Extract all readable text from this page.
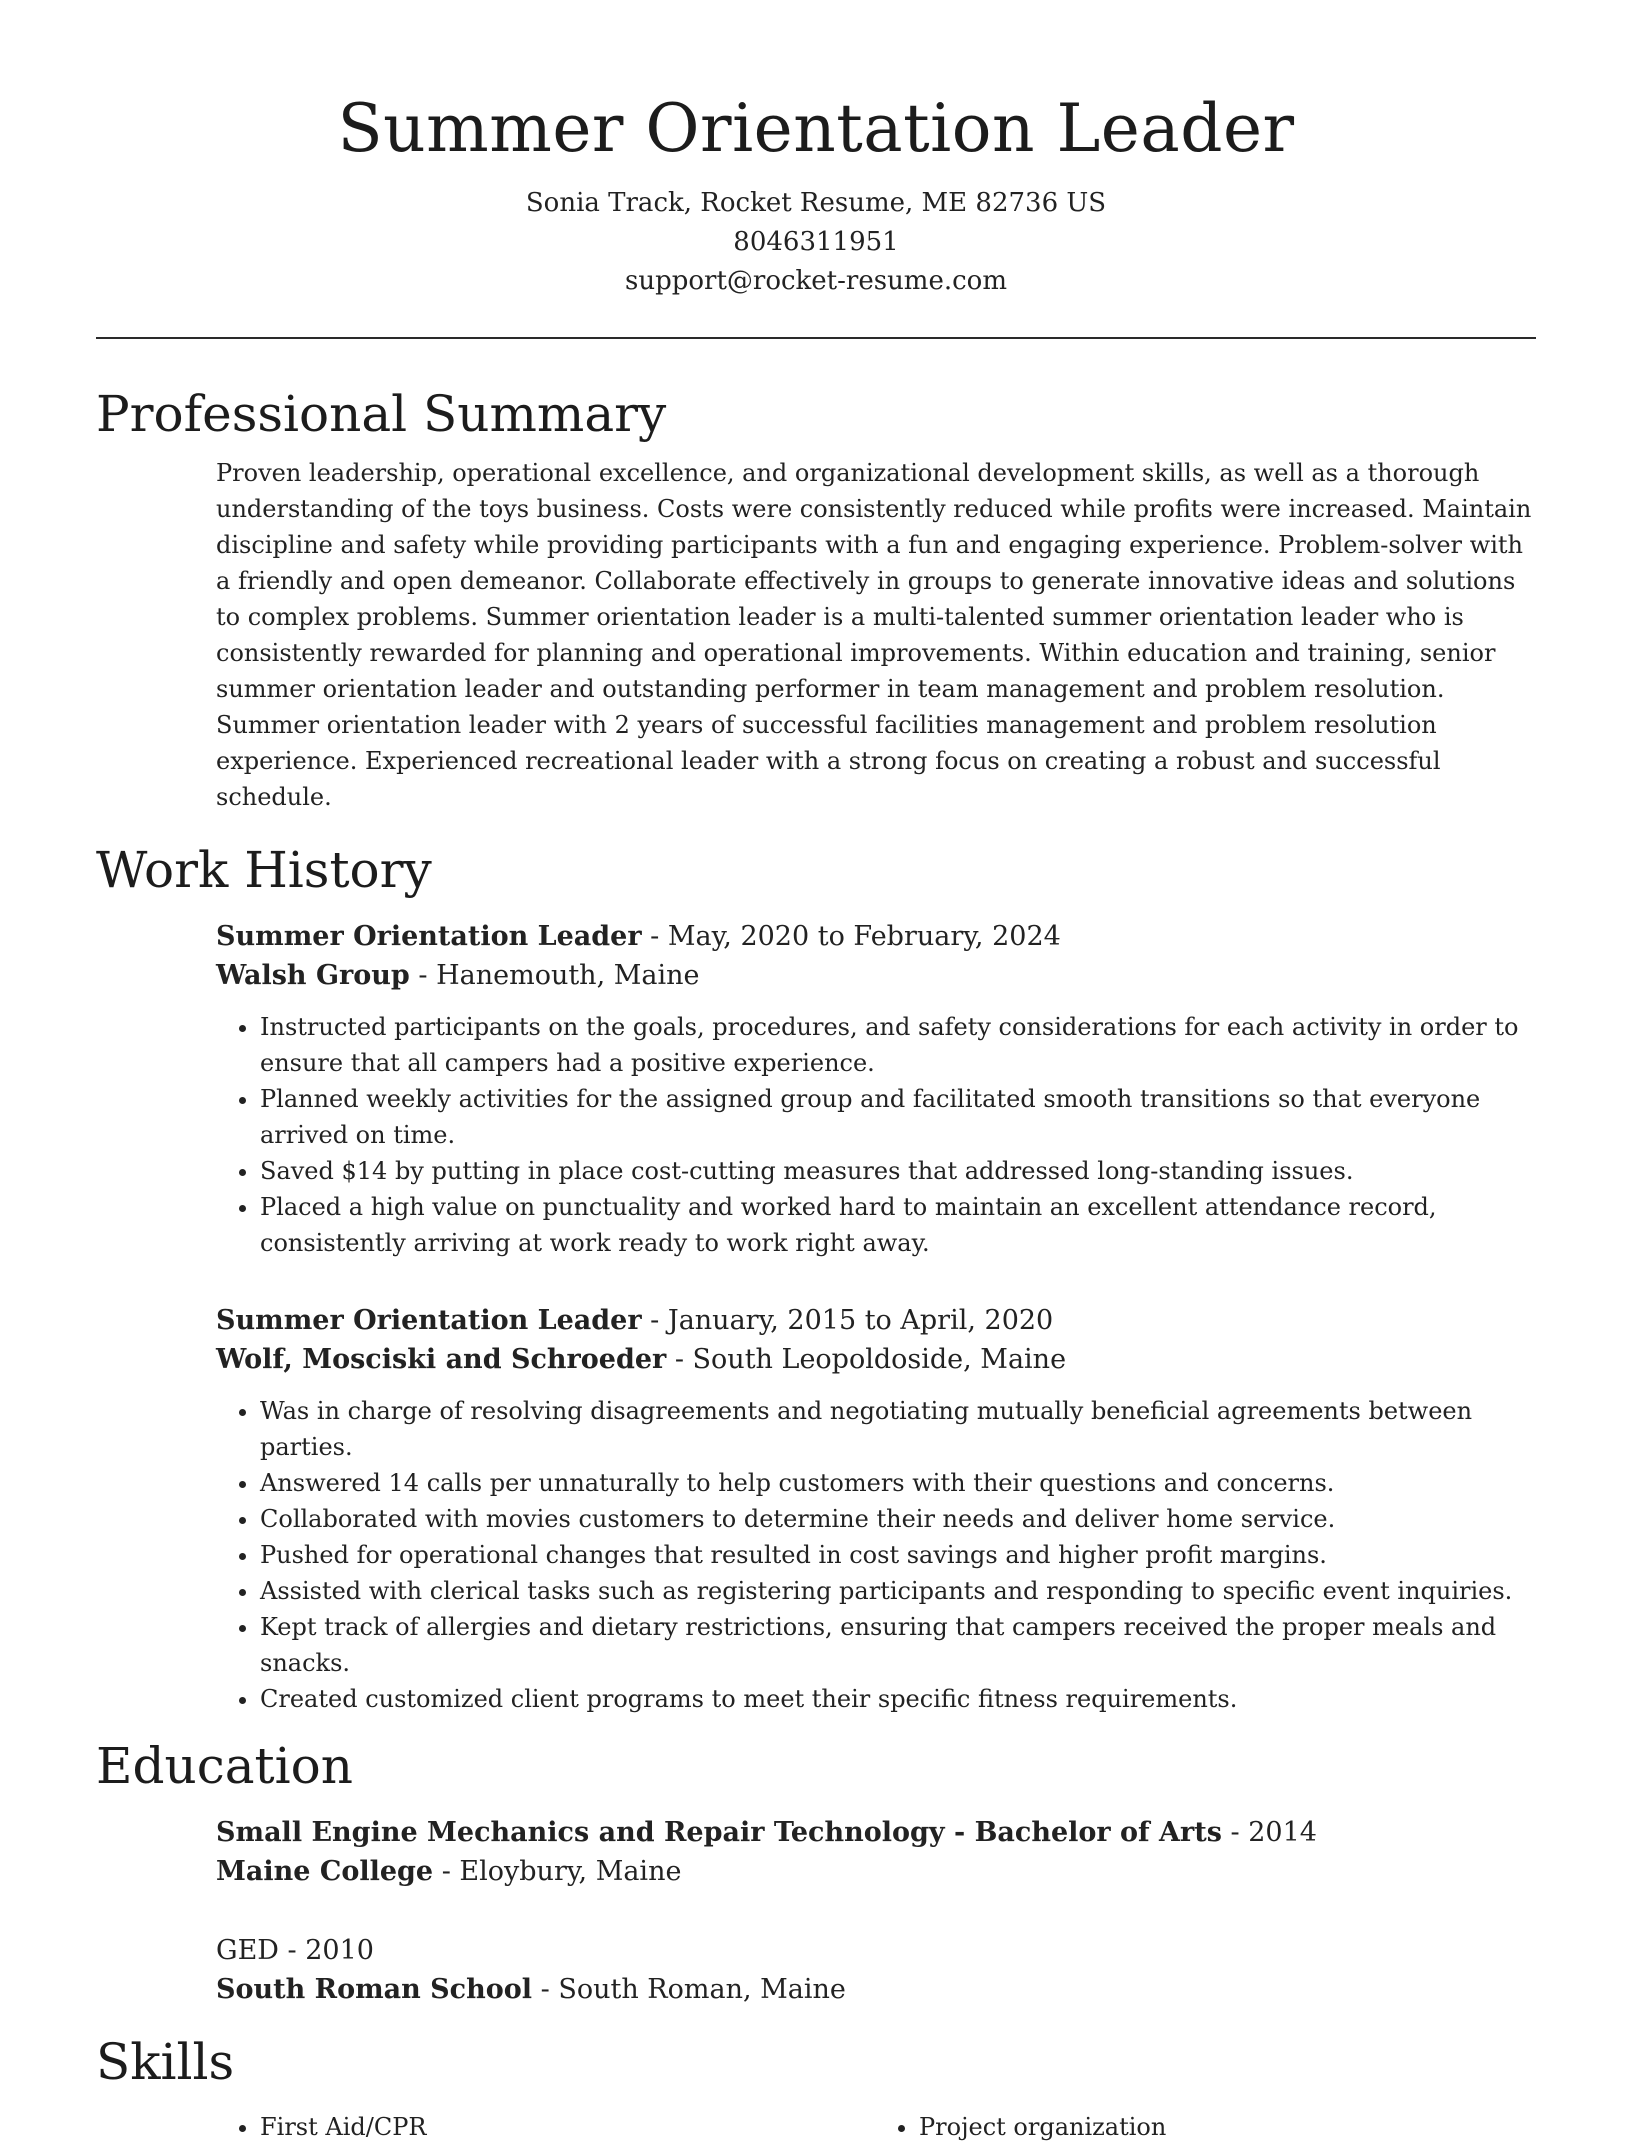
Summer Orientation Leader
Sonia Track, Rocket Resume, ME 82736 US
8046311951
support@rocket-resume.com
Professional Summary

Proven leadership, operational excellence, and organizational development skills, as well as a thorough understanding of the toys business. Costs were consistently reduced while profits were increased. Maintain discipline and safety while providing participants with a fun and engaging experience. Problem-solver with a friendly and open demeanor. Collaborate effectively in groups to generate innovative ideas and solutions to complex problems. Summer orientation leader is a multi-talented summer orientation leader who is consistently rewarded for planning and operational improvements. Within education and training, senior summer orientation leader and outstanding performer in team management and problem resolution. Summer orientation leader with 2 years of successful facilities management and problem resolution experience. Experienced recreational leader with a strong focus on creating a robust and successful schedule.

Work History
Summer Orientation Leader - May, 2020 to February, 2024
Walsh Group - Hanemouth, Maine
• Instructed participants on the goals, procedures, and safety considerations for each activity in order to ensure that all campers had a positive experience.
• Planned weekly activities for the assigned group and facilitated smooth transitions so that everyone arrived on time.
• Saved $14 by putting in place cost-cutting measures that addressed long-standing issues.
• Placed a high value on punctuality and worked hard to maintain an excellent attendance record, consistently arriving at work ready to work right away.
Summer Orientation Leader - January, 2015 to April, 2020
Wolf, Mosciski and Schroeder - South Leopoldoside, Maine
• Was in charge of resolving disagreements and negotiating mutually beneficial agreements between parties.
• Answered 14 calls per unnaturally to help customers with their questions and concerns.
• Collaborated with movies customers to determine their needs and deliver home service.
• Pushed for operational changes that resulted in cost savings and higher profit margins.
• Assisted with clerical tasks such as registering participants and responding to specific event inquiries.
• Kept track of allergies and dietary restrictions, ensuring that campers received the proper meals and snacks.
• Created customized client programs to meet their specific fitness requirements.
Education
Small Engine Mechanics and Repair Technology - Bachelor of Arts - 2014
Maine College - Eloybury, Maine
GED - 2010
South Roman School - South Roman, Maine
Skills
• First Aid/CPR
•	Project organization
